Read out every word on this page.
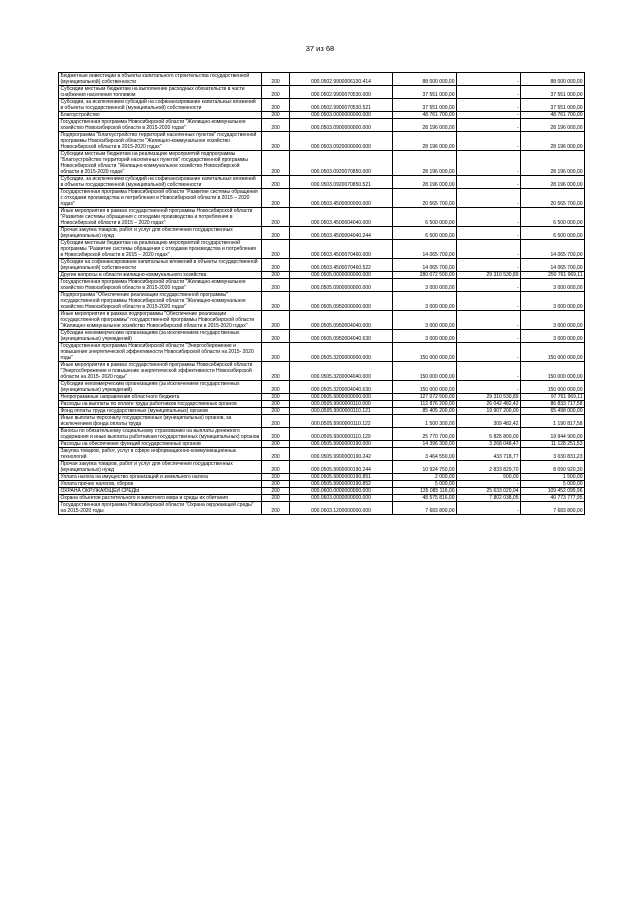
37 из 68
Бюджетные инвестиции в объекты капитального строительства государственной (муниципальной) собственности	200	000.0502.9900006130.414	88 000 000,00	-	88 000 000,00
Субсидии местным бюджетам на выполнение расходных обязательств в части снабжения населения топливом	200	000.0502.9900070530.000	37 551 000,00	-	37 551 000,00
Субсидии, за исключением субсидий на софинансирование капитальных вложений в объекты государственной (муниципальной) собственности	200	000.0502.9900070530.521	37 551 000,00	-	37 551 000,00
Благоустройство	200	000.0503.0000000000.000	48 761 700,00	-	48 761 700,00
Государственная программа Новосибирской области "Жилищно-коммунальное хозяйство Новосибирской области в 2015-2020 годах"	200	000.0503.0900000000.000	28 196 000,00	-	28 196 000,00
Подпрограмма "Благоустройство территорий населенных пунктов" государственной программы Новосибирской области "Жилищно-коммунальное хозяйство Новосибирской области в 2015-2020 годах"	200	000.0503.0920000000.000	28 196 000,00	-	28 196 000,00
Субсидии местным бюджетам на реализацию мероприятий подпрограммы "Благоустройство территорий населенных пунктов" государственной программы Новосибирской области "Жилищно-коммунальное хозяйство Новосибирской области в 2015-2020 годах"	200	000.0503.0920070850.000	28 196 000,00	-	28 196 000,00
Субсидии, за исключением субсидий на софинансирование капитальных вложений в объекты государственной (муниципальной) собственности	200	000.0503.0920070850.521	28 196 000,00	-	28 196 000,00
Государственная программа Новосибирской области "Развитие системы обращения с отходами производства и потребления в Новосибирской области в 2015 – 2020 годах"	200	000.0503.4500000000.000	20 565 700,00	-	20 565 700,00
Иные мероприятия в рамках государственной программы Новосибирской области "Развитие системы обращения с отходами производства и потребления в Новосибирской области в 2015 – 2020 годах"	200	000.0503.4500004040.000	6 500 000,00	-	6 500 000,00
Прочая закупка товаров, работ и услуг для обеспечения государственных (муниципальных) нужд	200	000.0503.4500004040.244	6 500 000,00	-	6 500 000,00
Субсидии местным бюджетам на реализацию мероприятий государственной программы "Развитие системы обращения с отходами производства и потребления в Новосибирской области в 2015 – 2020 годах"	200	000.0503.4500070460.000	14 065 700,00	-	14 065 700,00
Субсидии на софинансирование капитальных вложений в объекты государственной (муниципальной) собственности	200	000.0503.4500070460.522	14 065 700,00	-	14 065 700,00
Другие вопросы в области жилищно-коммунального хозяйства	200	000.0505.0000000000.000	280 072 500,00	29 310 530,89	250 761 969,11
Государственная программа Новосибирской области "Жилищно-коммунальное хозяйство Новосибирской области в 2015-2020 годах"	200	000.0505.0900000000.000	3 000 000,00	-	3 000 000,00
Подпрограмма "Обеспечение реализации государственной программы" государственной программы Новосибирской области "Жилищно-коммунальное хозяйство Новосибирской области в 2015-2020 годах"	200	000.0505.0950000000.000	3 000 000,00	-	3 000 000,00
Иные мероприятия в рамках подпрограммы "Обеспечение реализации государственной программы" государственной программы Новосибирской области "Жилищно-коммунальное хозяйство Новосибирской области в 2015-2020 годах"	200	000.0505.0950004040.000	3 000 000,00	-	3 000 000,00
Субсидии некоммерческим организациям (за исключением государственных (муниципальных) учреждений)	200	000.0505.0950004040.630	3 000 000,00	-	3 000 000,00
Государственная программа Новосибирской области "Энергосбережение и повышение энергетической эффективности Новосибирской области на 2015- 2020 годы"	200	000.0505.3200000000.000	150 000 000,00	-	150 000 000,00
Иные мероприятия в рамках государственной программы Новосибирской области "Энергосбережение и повышение энергетической эффективности Новосибирской области на 2015- 2020 годы"	200	000.0505.3200004040.000	150 000 000,00	-	150 000 000,00
Субсидии некоммерческим организациям (за исключением государственных (муниципальных) учреждений)	200	000.0505.3200004040.630	150 000 000,00	-	150 000 000,00
Непрограммные направления областного бюджета	200	000.0505.9900000000.000	127 072 500,00	29 310 530,89	97 761 969,11
Расходы на выплаты по оплате труда работников государственных органов	200	000.0505.9900000110.000	112 876 200,00	26 042 482,42	86 833 717,58
Фонд оплаты труда государственных (муниципальных) органов	200	000.0505.9900000110.121	85 405 200,00	19 907 200,00	65 498 000,00
Иные выплаты персоналу государственных (муниципальных) органов, за исключением фонда оплаты труда	200	000.0505.9900000110.122	1 500 300,00	309 482,42	1 190 817,58
Взносы по обязательному социальному страхованию на выплаты денежного содержания и иные выплаты работникам государственных (муниципальных) органов	200	000.0505.9900000110.129	25 770 700,00	5 825 800,00	19 944 900,00
Расходы на обеспечение функций государственных органов	200	000.0505.9900000190.000	14 396 300,00	3 268 048,47	11 128 251,53
Закупка товаров, работ, услуг в сфере информационно-коммуникационных технологий	200	000.0505.9900000190.242	3 464 550,00	433 718,77	3 030 831,23
Прочая закупка товаров, работ и услуг для обеспечения государственных (муниципальных) нужд	200	000.0505.9900000190.244	10 924 750,00	2 833 829,70	8 090 920,30
Уплата налога на имущество организаций и земельного налога	200	000.0505.9900000190.851	2 000,00	500,00	1 500,00
Уплата прочих налогов, сборов	200	000.0505.9900000190.852	5 000,00	-	5 000,00
ОХРАНА ОКРУЖАЮЩЕЙ СРЕДЫ	200	000.0600.0000000000.000	135 085 116,00	25 633 020,04	109 452 095,96
Охрана объектов растительного и животного мира и среды их обитания	200	000.0603.0000000000.000	48 575 816,00	7 802 038,05	40 773 777,95
Государственная программа Новосибирской области "Охрана окружающей среды" на 2015-2020 годы	200	000.0603.1200000000.000	7 683 800,00	-	7 683 800,00
